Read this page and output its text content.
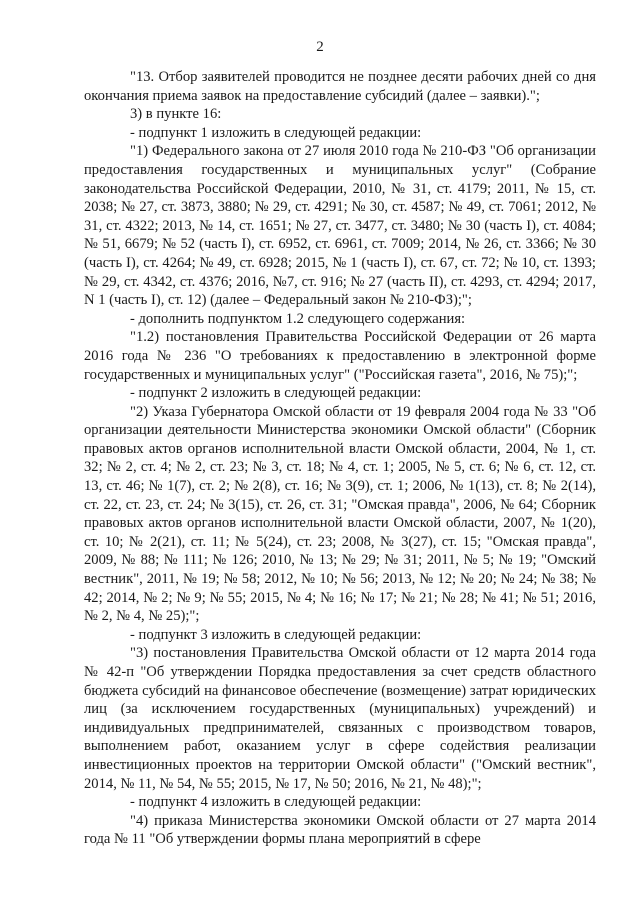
2

"13. Отбор заявителей проводится не позднее десяти рабочих дней со дня окончания приема заявок на предоставление субсидий (далее – заявки).";

3) в пункте 16:

- подпункт 1 изложить в следующей редакции:

"1) Федерального закона от 27 июля 2010 года № 210-ФЗ "Об организации предоставления государственных и муниципальных услуг" (Собрание законодательства Российской Федерации, 2010, № 31, ст. 4179; 2011, № 15, ст. 2038; № 27, ст. 3873, 3880; № 29, ст. 4291; № 30, ст. 4587; № 49, ст. 7061; 2012, № 31, ст. 4322; 2013, № 14, ст. 1651; № 27, ст. 3477, ст. 3480; № 30 (часть I), ст. 4084; № 51, 6679; № 52 (часть I), ст. 6952, ст. 6961, ст. 7009; 2014, № 26, ст. 3366; № 30 (часть I), ст. 4264; № 49, ст. 6928; 2015, № 1 (часть I), ст. 67, ст. 72; № 10, ст. 1393; № 29, ст. 4342, ст. 4376; 2016, №7, ст. 916; № 27 (часть II), ст. 4293, ст. 4294; 2017, N 1 (часть I), ст. 12) (далее – Федеральный закон № 210-ФЗ);";

- дополнить подпунктом 1.2 следующего содержания:

"1.2) постановления Правительства Российской Федерации от 26 марта 2016 года № 236 "О требованиях к предоставлению в электронной форме государственных и муниципальных услуг" ("Российская газета", 2016, № 75);";

- подпункт 2 изложить в следующей редакции:

"2) Указа Губернатора Омской области от 19 февраля 2004 года № 33 "Об организации деятельности Министерства экономики Омской области" (Сборник правовых актов органов исполнительной власти Омской области, 2004, № 1, ст. 32; № 2, ст. 4; № 2, ст. 23; № 3, ст. 18; № 4, ст. 1; 2005, № 5, ст. 6; № 6, ст. 12, ст. 13, ст. 46; № 1(7), ст. 2; № 2(8), ст. 16; № 3(9), ст. 1; 2006, № 1(13), ст. 8; № 2(14), ст. 22, ст. 23, ст. 24; № 3(15), ст. 26, ст. 31; "Омская правда", 2006, № 64; Сборник правовых актов органов исполнительной власти Омской области, 2007, № 1(20), ст. 10; № 2(21), ст. 11; № 5(24), ст. 23; 2008, № 3(27), ст. 15; "Омская правда", 2009, № 88; № 111; № 126; 2010, № 13; № 29; № 31; 2011, № 5; № 19; "Омский вестник", 2011, № 19; № 58; 2012, № 10; № 56; 2013, № 12; № 20; № 24; № 38; № 42; 2014, № 2; № 9; № 55; 2015, № 4; № 16; № 17; № 21; № 28; № 41; № 51; 2016, № 2, № 4, № 25);";

- подпункт 3 изложить в следующей редакции:

"3) постановления Правительства Омской области от 12 марта 2014 года № 42-п "Об утверждении Порядка предоставления за счет средств областного бюджета субсидий на финансовое обеспечение (возмещение) затрат юридических лиц (за исключением государственных (муниципальных) учреждений) и индивидуальных предпринимателей, связанных с производством товаров, выполнением работ, оказанием услуг в сфере содействия реализации инвестиционных проектов на территории Омской области" ("Омский вестник", 2014, № 11, № 54, № 55; 2015, № 17, № 50; 2016, № 21, № 48);";

- подпункт 4 изложить в следующей редакции:

"4) приказа Министерства экономики Омской области от 27 марта 2014 года № 11 "Об утверждении формы плана мероприятий в сфере
